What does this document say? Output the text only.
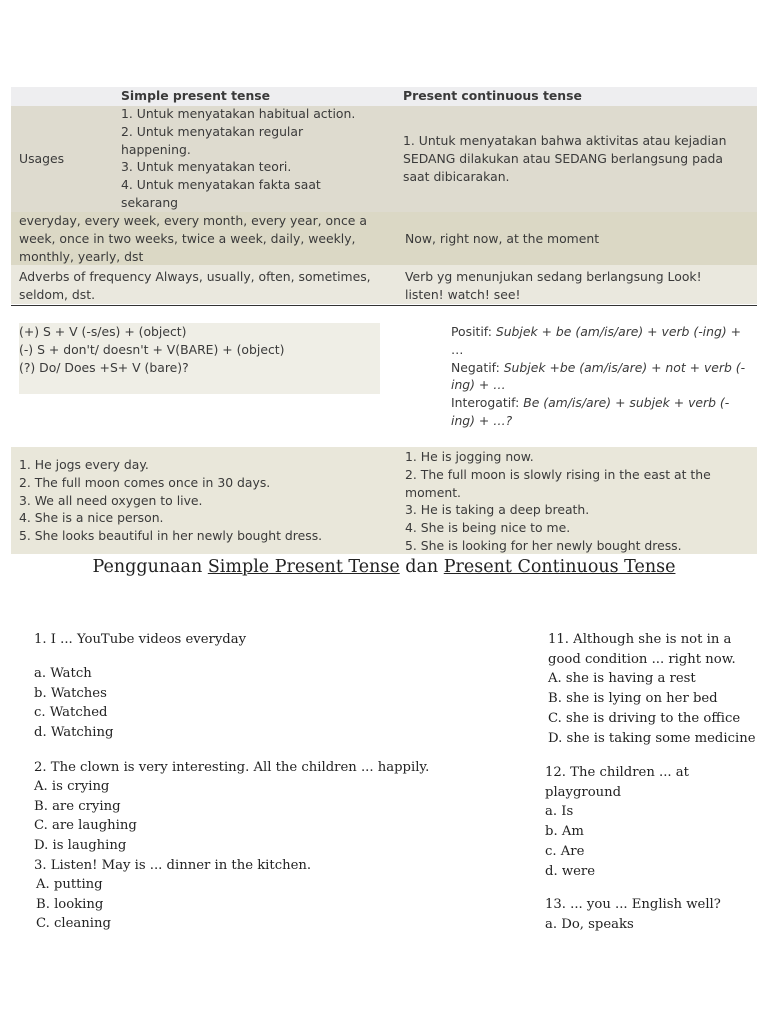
Simple present tense	Present continuous tense
Usages
1. Untuk menyatakan habitual action.
2. Untuk menyatakan regular
happening.
3. Untuk menyatakan teori.
4. Untuk menyatakan fakta saat
sekarang
1. Untuk menyatakan bahwa aktivitas atau kejadian
SEDANG dilakukan atau SEDANG berlangsung pada
saat dibicarakan.
everyday, every week, every month, every year, once a
week, once in two weeks, twice a week, daily, weekly,
monthly, yearly, dst
Now, right now, at the moment
Adverbs of frequency Always, usually, often, sometimes,
seldom, dst.
Verb yg menunjukan sedang berlangsung Look!
listen! watch! see!
(+) S + V (-s/es) + (object)
(-) S + don't/ doesn't + V(BARE) + (object)
(?) Do/ Does +S+ V (bare)?
Positif: Subjek + be (am/is/are) + verb (-ing) +
…
Negatif: Subjek +be (am/is/are) + not + verb (-
ing) + …
Interogatif: Be (am/is/are) + subjek + verb (-
ing) + …?
1. He jogs every day.
2. The full moon comes once in 30 days.
3. We all need oxygen to live.
4. She is a nice person.
5. She looks beautiful in her newly bought dress.
1. He is jogging now.
2. The full moon is slowly rising in the east at the
moment.
3. He is taking a deep breath.
4. She is being nice to me.
5. She is looking for her newly bought dress.
Penggunaan Simple Present Tense dan Present Continuous Tense
1. I ... YouTube videos everyday
a. Watch
b. Watches
c. Watched
d. Watching
2. The clown is very interesting. All the children ... happily.
A. is crying
B. are crying
C. are laughing
D. is laughing
3. Listen! May is ... dinner in the kitchen.
A. putting
B. looking
C. cleaning
11. Although she is not in a
good condition ... right now.
A. she is having a rest
B. she is lying on her bed
C. she is driving to the office
D. she is taking some medicine
12. The children ... at
playground
a. Is
b. Am
c. Are
d. were
13. ... you ... English well?
a. Do, speaks
